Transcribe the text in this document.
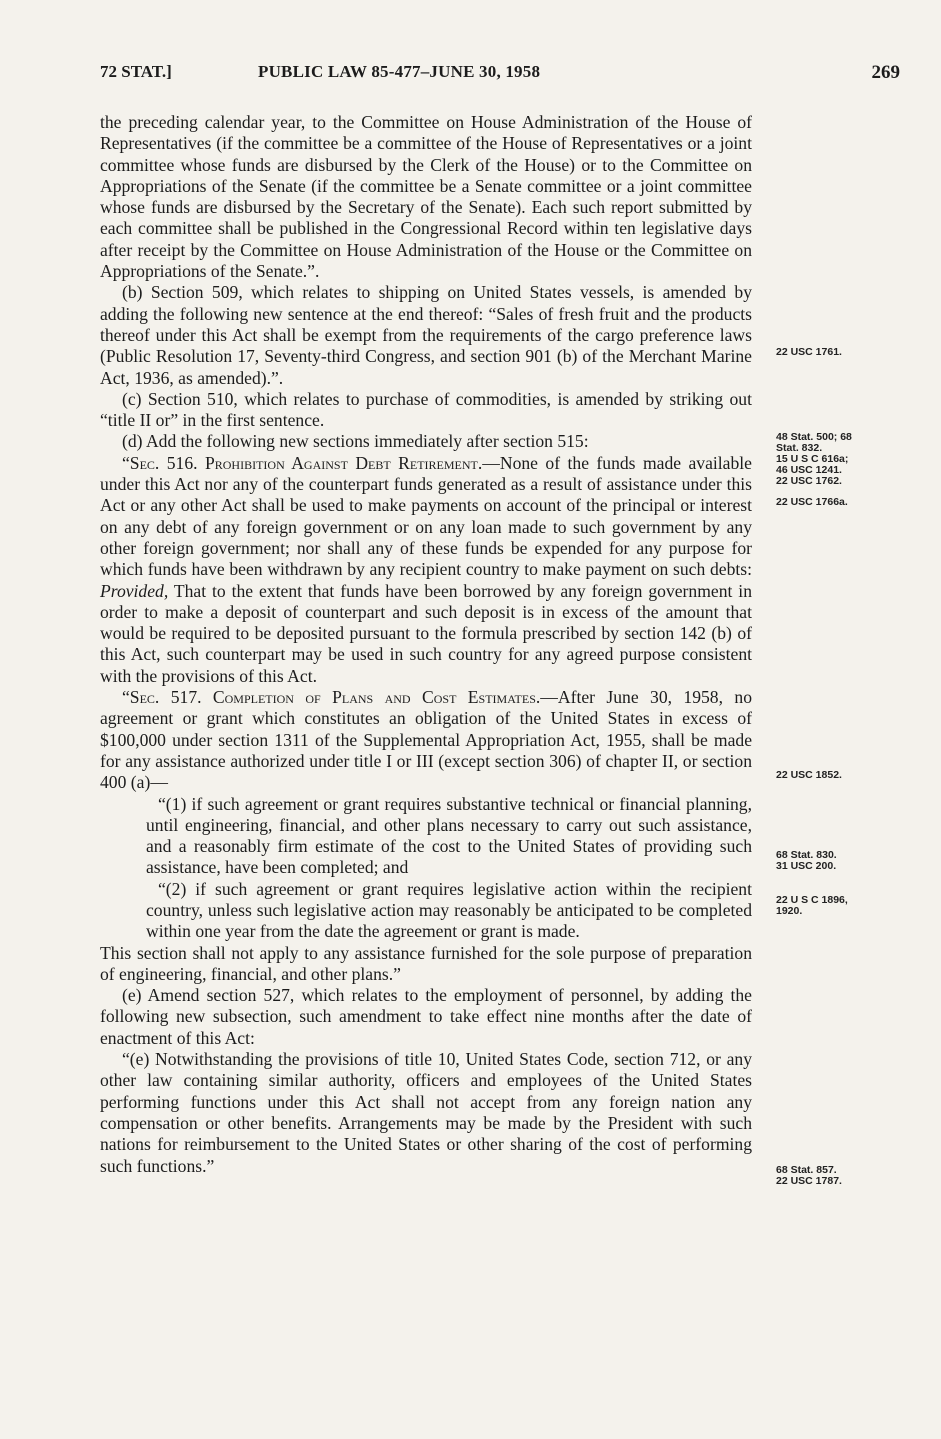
72 STAT.]	PUBLIC LAW 85-477–JUNE 30, 1958	269

the preceding calendar year, to the Committee on House Administration of the House of Representatives (if the committee be a committee of the House of Representatives or a joint committee whose funds are disbursed by the Clerk of the House) or to the Committee on Appropriations of the Senate (if the committee be a Senate committee or a joint committee whose funds are disbursed by the Secretary of the Senate). Each such report submitted by each committee shall be published in the Congressional Record within ten legislative days after receipt by the Committee on House Administration of the House or the Committee on Appropriations of the Senate.”.

(b) Section 509, which relates to shipping on United States vessels, is amended by adding the following new sentence at the end thereof: “Sales of fresh fruit and the products thereof under this Act shall be exempt from the requirements of the cargo preference laws (Public Resolution 17, Seventy-third Congress, and section 901 (b) of the Merchant Marine Act, 1936, as amended).”.

(c) Section 510, which relates to purchase of commodities, is amended by striking out “title II or” in the first sentence.

(d) Add the following new sections immediately after section 515:

“Sec. 516. Prohibition Against Debt Retirement.—None of the funds made available under this Act nor any of the counterpart funds generated as a result of assistance under this Act or any other Act shall be used to make payments on account of the principal or interest on any debt of any foreign government or on any loan made to such government by any other foreign government; nor shall any of these funds be expended for any purpose for which funds have been withdrawn by any recipient country to make payment on such debts: Provided, That to the extent that funds have been borrowed by any foreign government in order to make a deposit of counterpart and such deposit is in excess of the amount that would be required to be deposited pursuant to the formula prescribed by section 142 (b) of this Act, such counterpart may be used in such country for any agreed purpose consistent with the provisions of this Act.

“Sec. 517. Completion of Plans and Cost Estimates.—After June 30, 1958, no agreement or grant which constitutes an obligation of the United States in excess of $100,000 under section 1311 of the Supplemental Appropriation Act, 1955, shall be made for any assistance authorized under title I or III (except section 306) of chapter II, or section 400 (a)—

“(1) if such agreement or grant requires substantive technical or financial planning, until engineering, financial, and other plans necessary to carry out such assistance, and a reasonably firm estimate of the cost to the United States of providing such assistance, have been completed; and

“(2) if such agreement or grant requires legislative action within the recipient country, unless such legislative action may reasonably be anticipated to be completed within one year from the date the agreement or grant is made.

This section shall not apply to any assistance furnished for the sole purpose of preparation of engineering, financial, and other plans.”

(e) Amend section 527, which relates to the employment of personnel, by adding the following new subsection, such amendment to take effect nine months after the date of enactment of this Act:

“(e) Notwithstanding the provisions of title 10, United States Code, section 712, or any other law containing similar authority, officers and employees of the United States performing functions under this Act shall not accept from any foreign nation any compensation or other benefits. Arrangements may be made by the President with such nations for reimbursement to the United States or other sharing of the cost of performing such functions.”

22 USC 1761.
48 Stat. 500; 68
Stat. 832.
15 U S C 616a;
46 USC 1241.
22 USC 1762.
22 USC 1766a.
22 USC 1852.
68 Stat. 830.
31 USC 200.
22 U S C 1896,
1920.
68 Stat. 857.
22 USC 1787.
